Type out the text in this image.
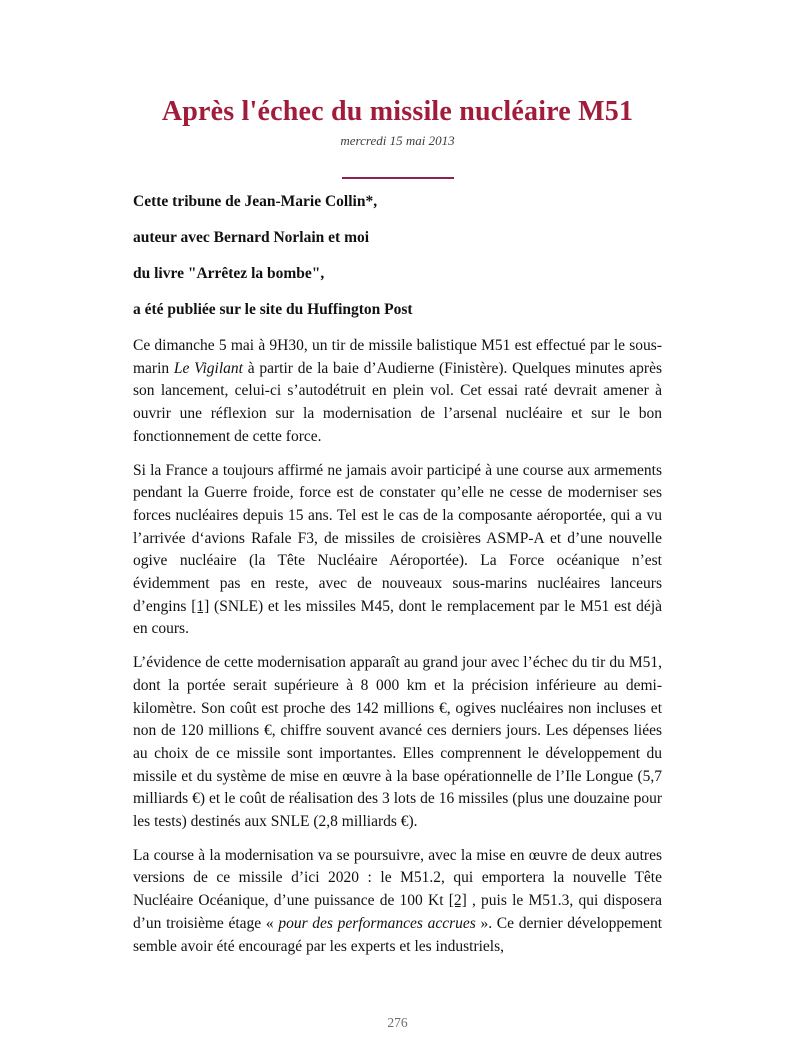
Après l'échec du missile nucléaire M51
mercredi 15 mai 2013

Cette tribune de Jean-Marie Collin*,

auteur avec Bernard Norlain et moi

du livre "Arrêtez la bombe",

a été publiée sur le site du Huffington Post

Ce dimanche 5 mai à 9H30, un tir de missile balistique M51 est effectué par le sous-marin Le Vigilant à partir de la baie d’Audierne (Finistère). Quelques minutes après son lancement, celui-ci s’autodétruit en plein vol. Cet essai raté devrait amener à ouvrir une réflexion sur la modernisation de l’arsenal nucléaire et sur le bon fonctionnement de cette force.

Si la France a toujours affirmé ne jamais avoir participé à une course aux armements pendant la Guerre froide, force est de constater qu’elle ne cesse de moderniser ses forces nucléaires depuis 15 ans. Tel est le cas de la composante aéroportée, qui a vu l’arrivée d‘avions Rafale F3, de missiles de croisières ASMP-A et d’une nouvelle ogive nucléaire (la Tête Nucléaire Aéroportée). La Force océanique n’est évidemment pas en reste, avec de nouveaux sous-marins nucléaires lanceurs d’engins [1] (SNLE) et les missiles M45, dont le remplacement par le M51 est déjà en cours.

L’évidence de cette modernisation apparaît au grand jour avec l’échec du tir du M51, dont la portée serait supérieure à 8 000 km et la précision inférieure au demi-kilomètre. Son coût est proche des 142 millions €, ogives nucléaires non incluses et non de 120 millions €, chiffre souvent avancé ces derniers jours. Les dépenses liées au choix de ce missile sont importantes. Elles comprennent le développement du missile et du système de mise en œuvre à la base opérationnelle de l’Ile Longue (5,7 milliards €) et le coût de réalisation des 3 lots de 16 missiles (plus une douzaine pour les tests) destinés aux SNLE (2,8 milliards €).

La course à la modernisation va se poursuivre, avec la mise en œuvre de deux autres versions de ce missile d’ici 2020 : le M51.2, qui emportera la nouvelle Tête Nucléaire Océanique, d’une puissance de 100 Kt [2] , puis le M51.3, qui disposera d’un troisième étage « pour des performances accrues ». Ce dernier développement semble avoir été encouragé par les experts et les industriels,

276
